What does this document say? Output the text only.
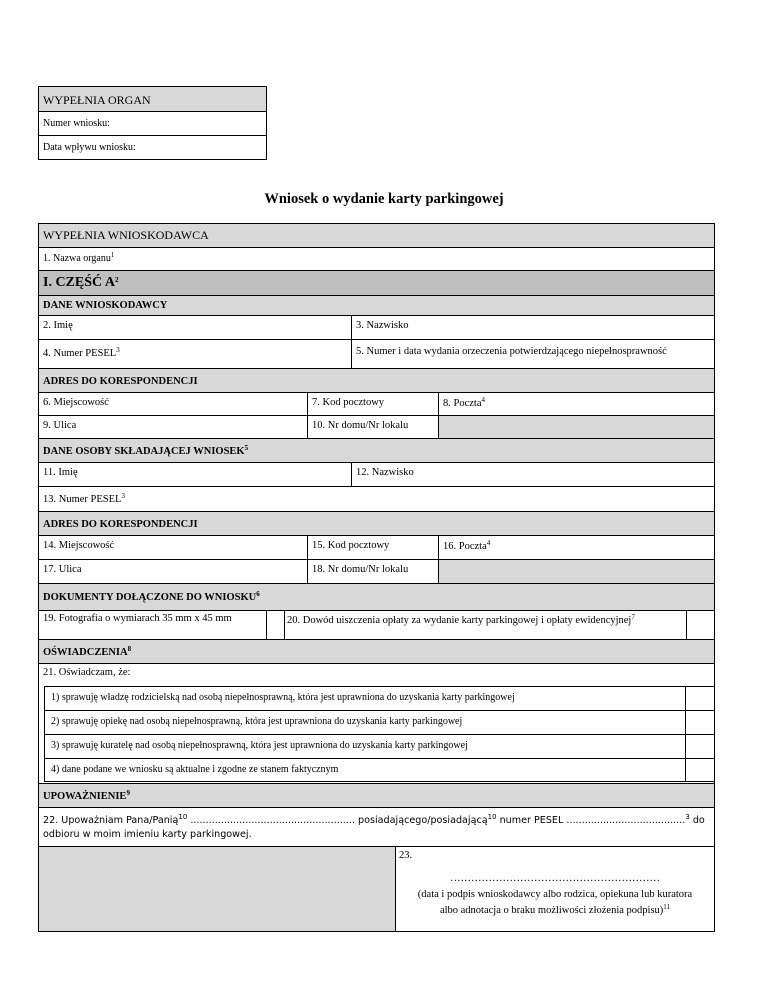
WYPEŁNIA ORGAN
Numer wniosku:
Data wpływu wniosku:
Wniosek o wydanie karty parkingowej
WYPEŁNIA WNIOSKODAWCA
1. Nazwa organu$^1$
I. CZĘŚĆ $A^2$
DANE WNIOSKODAWCY
2. Imię	3. Nazwisko
4. Numer PESEL$^3$	5. Numer i data wydania orzeczenia potwierdzającego niepełnosprawność
ADRES DO KORESPONDENCJI
6. Miejscowość	7. Kod pocztowy	8. Poczta$^4$
9. Ulica	10. Nr domu/Nr lokalu
DANE OSOBY SKŁADAJĄCEJ WNIOSEK$^5$
11. Imię	12. Nazwisko
13. Numer PESEL$^3$
ADRES DO KORESPONDENCJI
14. Miejscowość	15. Kod pocztowy	16. Poczta$^4$
17. Ulica	18. Nr domu/Nr lokalu
DOKUMENTY DOŁĄCZONE DO WNIOSKU$^6$
19. Fotografia o wymiarach 35 mm x 45 mm	20. Dowód uiszczenia opłaty za wydanie karty parkingowej i opłaty ewidencyjnej$^7$
OŚWIADCZENIA$^8$
21. Oświadczam, że:
1) sprawuję władzę rodzicielską nad osobą niepełnosprawną, która jest uprawniona do uzyskania karty parkingowej
2) sprawuję opiekę nad osobą niepełnosprawną, która jest uprawniona do uzyskania karty parkingowej
3) sprawuję kuratelę nad osobą niepełnosprawną, która jest uprawniona do uzyskania karty parkingowej
4) dane podane we wniosku są aktualne i zgodne ze stanem faktycznym
UPOWAŻNIENIE$^9$
22. Upoważniam Pana/Panią$^{10}$ ...................................................... posiadającego/posiadającą$^{10}$ numer PESEL .......................................$^3$ do
odbioru w moim imieniu karty parkingowej.
23.
……………………………………………………
(data i podpis wnioskodawcy albo rodzica, opiekuna lub kuratora
albo adnotacja o braku możliwości złożenia podpisu)$^{11}$
